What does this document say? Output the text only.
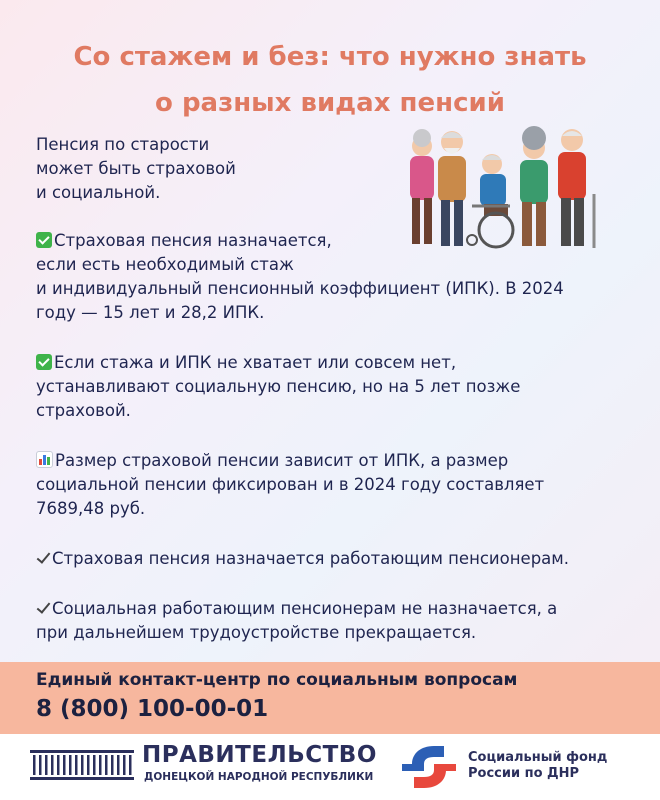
Со стажем и без: что нужно знать
о разных видах пенсий
Пенсия по старости
может быть страховой
и социальной.
Страховая пенсия назначается,
если есть необходимый стаж
и индивидуальный пенсионный коэффициент (ИПК). В 2024
году — 15 лет и 28,2 ИПК.
Если стажа и ИПК не хватает или совсем нет,
устанавливают социальную пенсию, но на 5 лет позже
страховой.
Размер страховой пенсии зависит от ИПК, а размер
социальной пенсии фиксирован и в 2024 году составляет
7689,48 руб.
Страховая пенсия назначается работающим пенсионерам.
Социальная работающим пенсионерам не назначается, а
при дальнейшем трудоустройстве прекращается.
Единый контакт-центр по социальным вопросам
8 (800) 100-00-01
ПРАВИТЕЛЬСТВО
ДОНЕЦКОЙ НАРОДНОЙ РЕСПУБЛИКИ
Социальный фонд
России по ДНР
